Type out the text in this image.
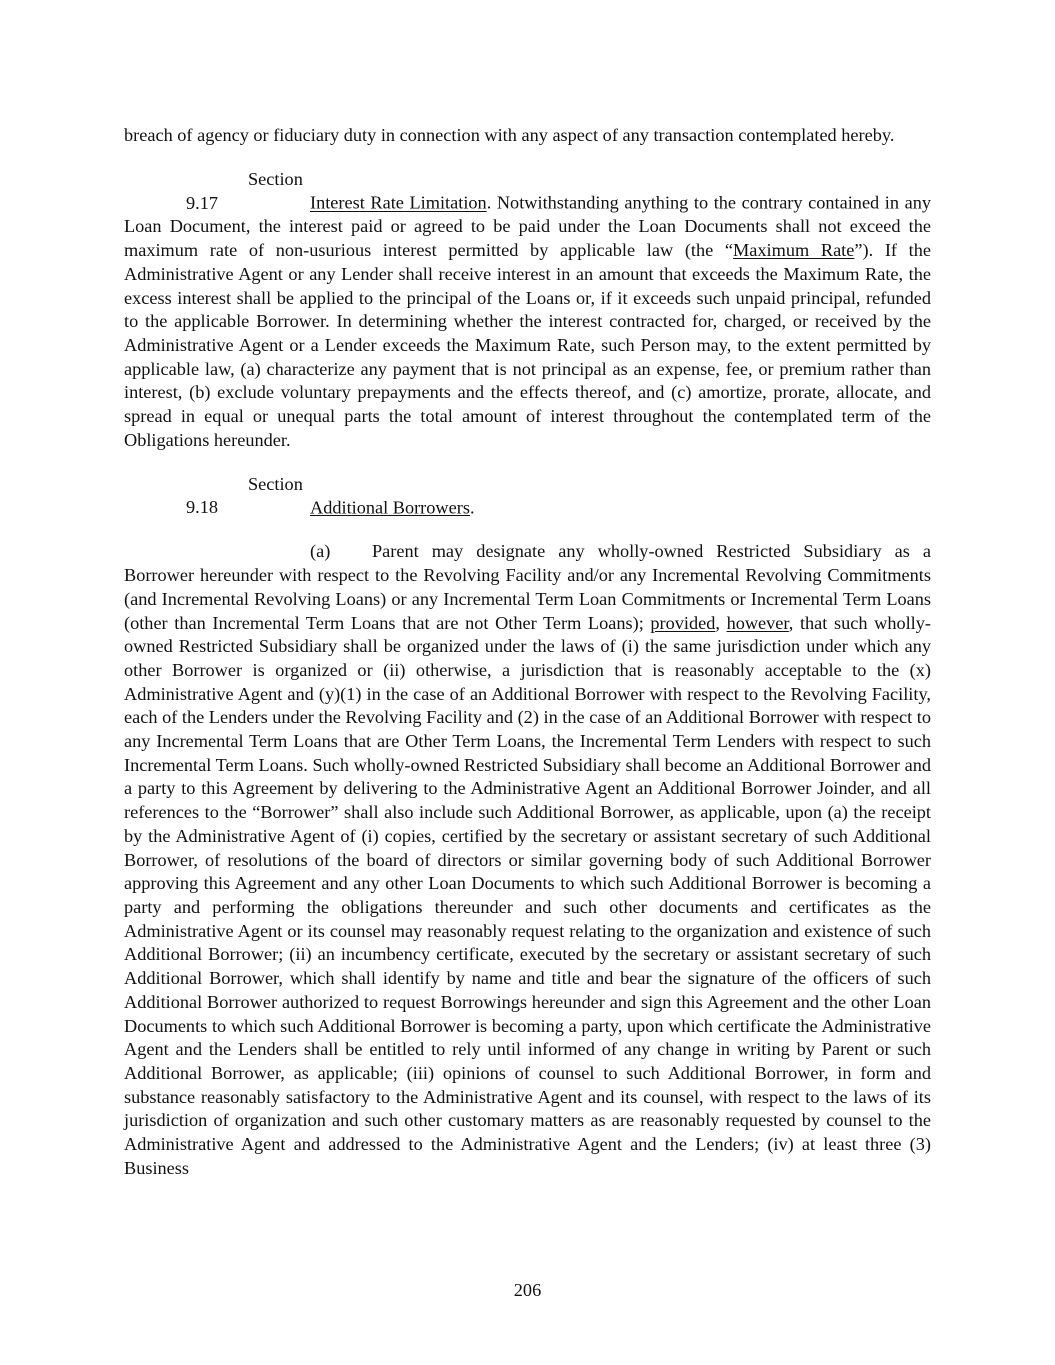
breach of agency or fiduciary duty in connection with any aspect of any transaction contemplated hereby.

Section 9.17	Interest Rate Limitation. Notwithstanding anything to the contrary contained in any Loan Document, the interest paid or agreed to be paid under the Loan Documents shall not exceed the maximum rate of non-usurious interest permitted by applicable law (the “Maximum Rate”). If the Administrative Agent or any Lender shall receive interest in an amount that exceeds the Maximum Rate, the excess interest shall be applied to the principal of the Loans or, if it exceeds such unpaid principal, refunded to the applicable Borrower. In determining whether the interest contracted for, charged, or received by the Administrative Agent or a Lender exceeds the Maximum Rate, such Person may, to the extent permitted by applicable law, (a) characterize any payment that is not principal as an expense, fee, or premium rather than interest, (b) exclude voluntary prepayments and the effects thereof, and (c) amortize, prorate, allocate, and spread in equal or unequal parts the total amount of interest throughout the contemplated term of the Obligations hereunder.

Section 9.18	Additional Borrowers.

(a) Parent may designate any wholly-owned Restricted Subsidiary as a Borrower hereunder with respect to the Revolving Facility and/or any Incremental Revolving Commitments (and Incremental Revolving Loans) or any Incremental Term Loan Commitments or Incremental Term Loans (other than Incremental Term Loans that are not Other Term Loans); provided, however, that such wholly-owned Restricted Subsidiary shall be organized under the laws of (i) the same jurisdiction under which any other Borrower is organized or (ii) otherwise, a jurisdiction that is reasonably acceptable to the (x) Administrative Agent and (y)(1) in the case of an Additional Borrower with respect to the Revolving Facility, each of the Lenders under the Revolving Facility and (2) in the case of an Additional Borrower with respect to any Incremental Term Loans that are Other Term Loans, the Incremental Term Lenders with respect to such Incremental Term Loans. Such wholly-owned Restricted Subsidiary shall become an Additional Borrower and a party to this Agreement by delivering to the Administrative Agent an Additional Borrower Joinder, and all references to the “Borrower” shall also include such Additional Borrower, as applicable, upon (a) the receipt by the Administrative Agent of (i) copies, certified by the secretary or assistant secretary of such Additional Borrower, of resolutions of the board of directors or similar governing body of such Additional Borrower approving this Agreement and any other Loan Documents to which such Additional Borrower is becoming a party and performing the obligations thereunder and such other documents and certificates as the Administrative Agent or its counsel may reasonably request relating to the organization and existence of such Additional Borrower; (ii) an incumbency certificate, executed by the secretary or assistant secretary of such Additional Borrower, which shall identify by name and title and bear the signature of the officers of such Additional Borrower authorized to request Borrowings hereunder and sign this Agreement and the other Loan Documents to which such Additional Borrower is becoming a party, upon which certificate the Administrative Agent and the Lenders shall be entitled to rely until informed of any change in writing by Parent or such Additional Borrower, as applicable; (iii) opinions of counsel to such Additional Borrower, in form and substance reasonably satisfactory to the Administrative Agent and its counsel, with respect to the laws of its jurisdiction of organization and such other customary matters as are reasonably requested by counsel to the Administrative Agent and addressed to the Administrative Agent and the Lenders; (iv) at least three (3) Business

206
